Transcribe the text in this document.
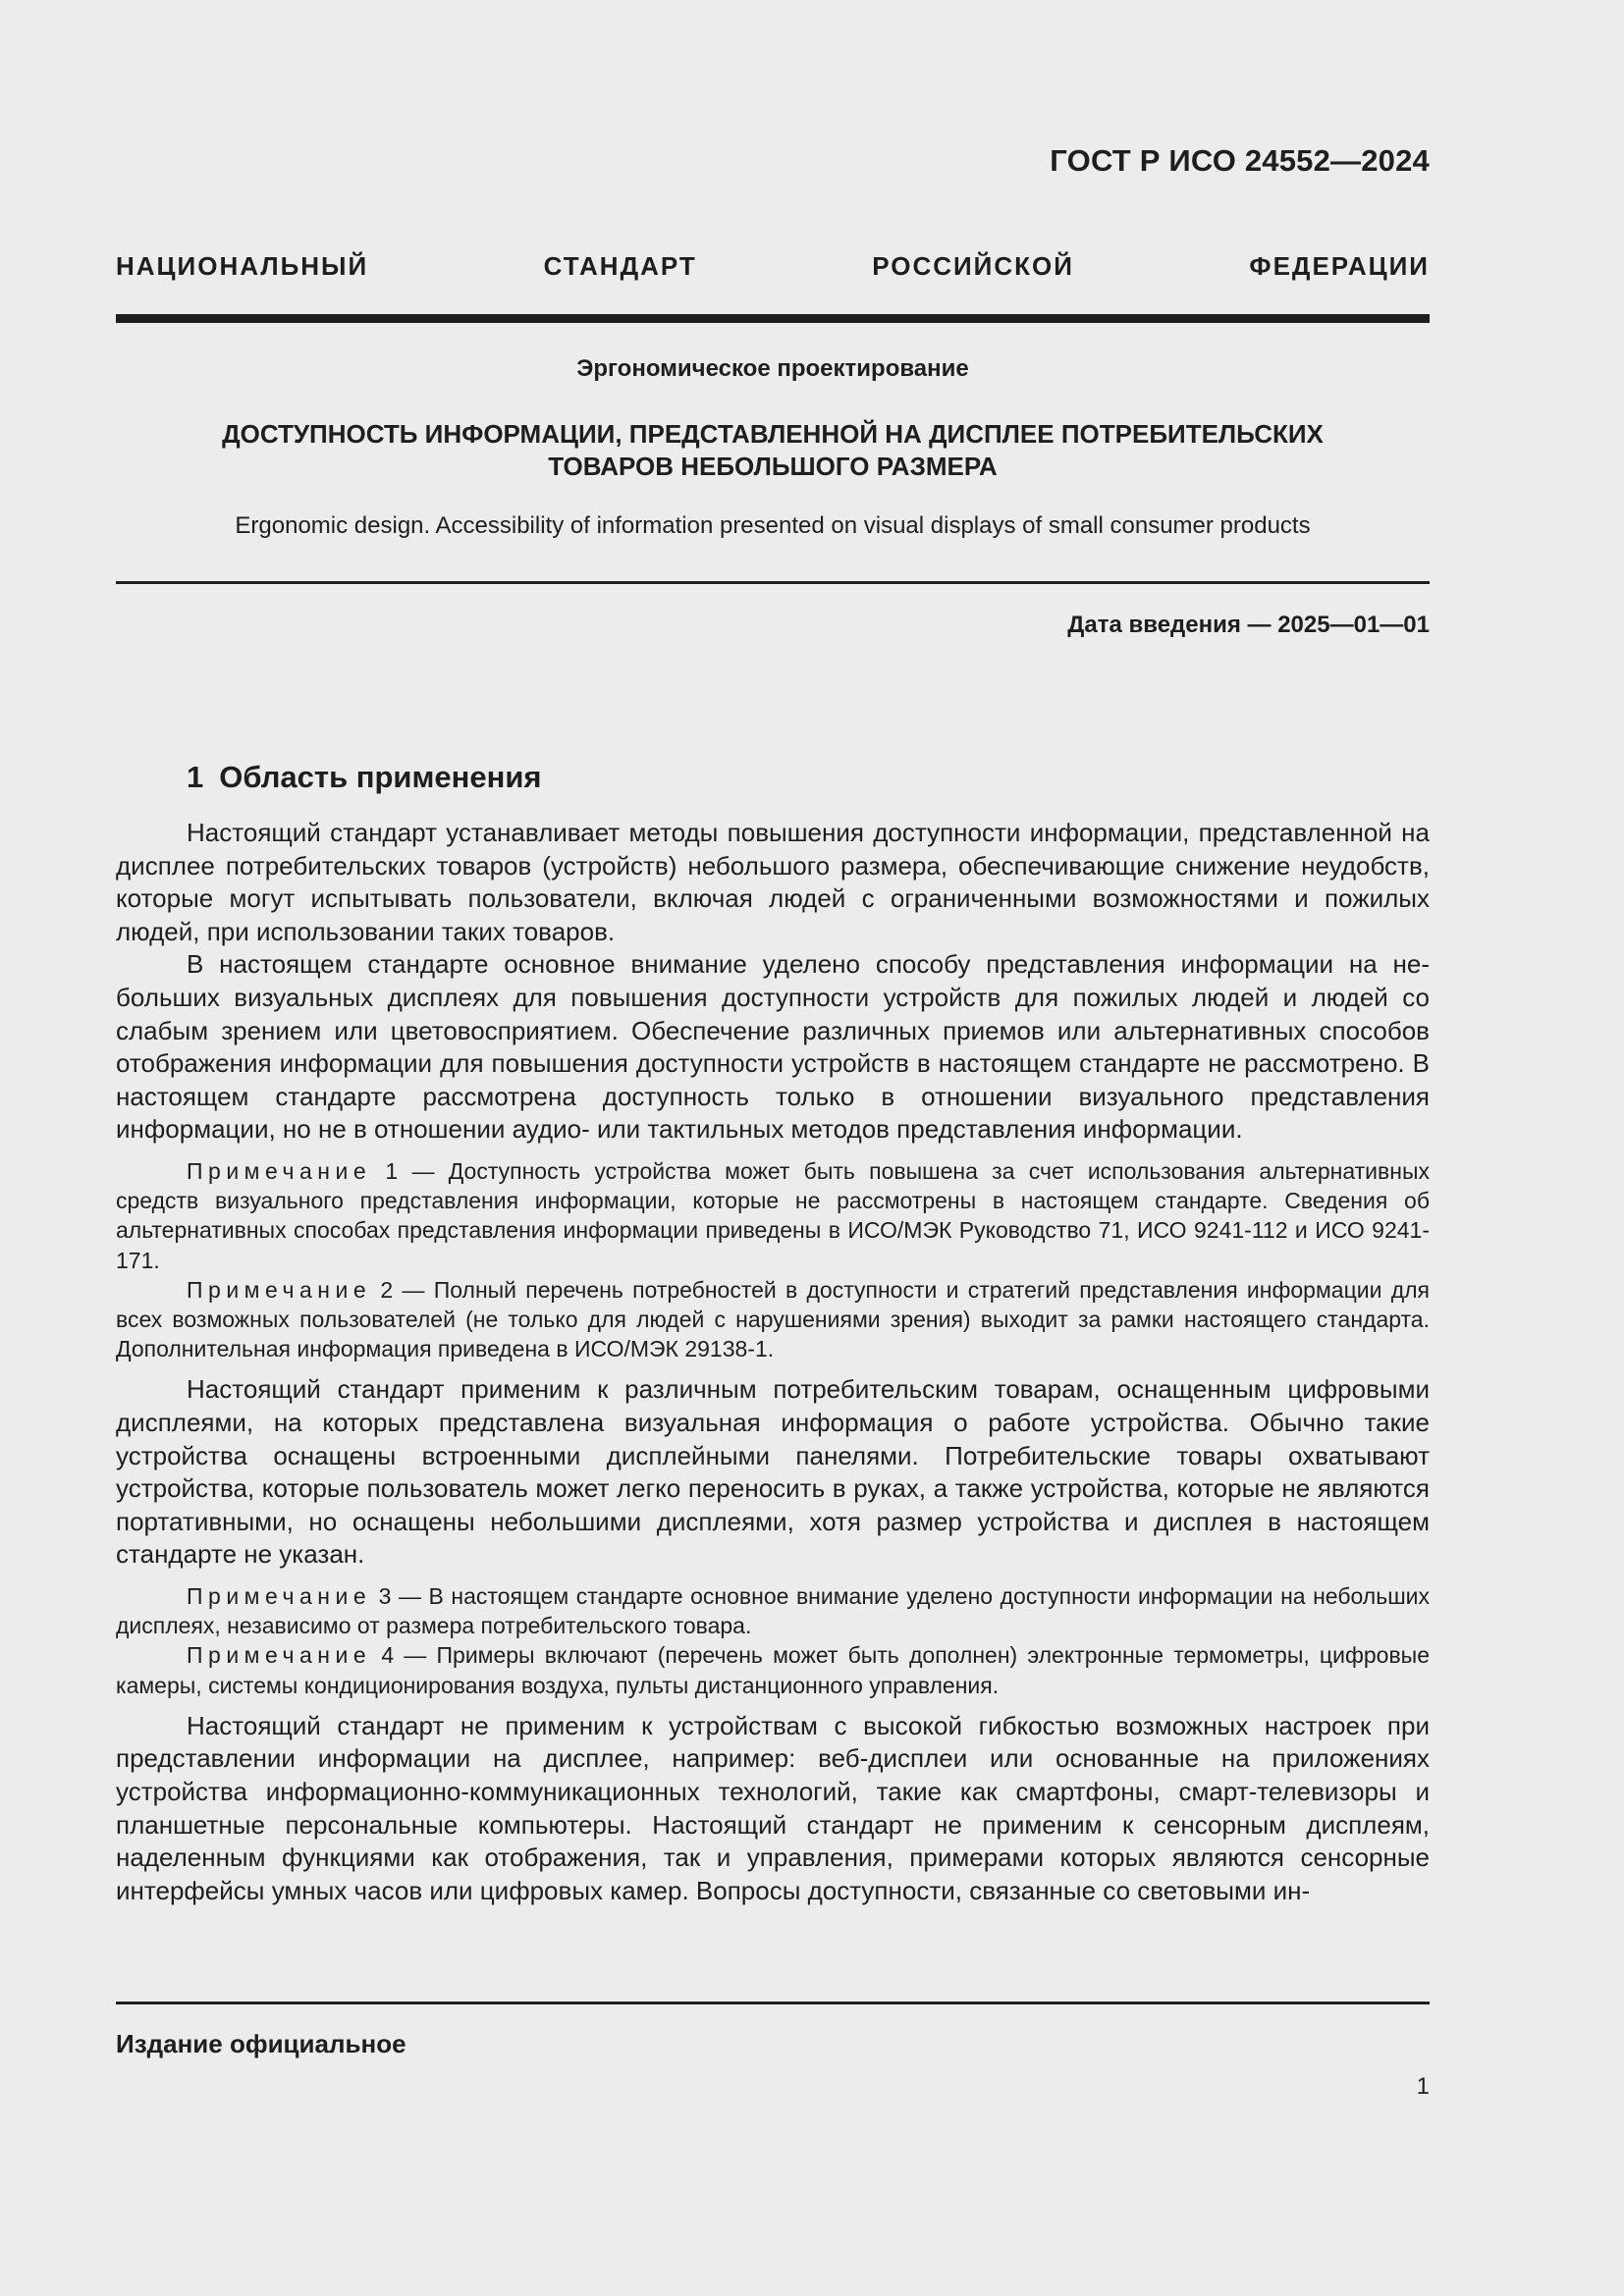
ГОСТ Р ИСО 24552—2024
НАЦИОНАЛЬНЫЙ СТАНДАРТ РОССИЙСКОЙ ФЕДЕРАЦИИ
Эргономическое проектирование
ДОСТУПНОСТЬ ИНФОРМАЦИИ, ПРЕДСТАВЛЕННОЙ НА ДИСПЛЕЕ ПОТРЕБИТЕЛЬСКИХ
ТОВАРОВ НЕБОЛЬШОГО РАЗМЕРА
Ergonomic design. Accessibility of information presented on visual displays of small consumer products
Дата введения — 2025—01—01
1 Область применения

Настоящий стандарт устанавливает методы повышения доступности информации, представленной на дисплее потребительских товаров (устройств) небольшого размера, обеспечивающие снижение неудобств, которые могут испытывать пользователи, включая людей с ограниченными возможностями и пожилых людей, при использовании таких товаров.

В настоящем стандарте основное внимание уделено способу представления информации на небольших визуальных дисплеях для повышения доступности устройств для пожилых людей и людей со слабым зрением или цветовосприятием. Обеспечение различных приемов или альтернативных способов отображения информации для повышения доступности устройств в настоящем стандарте не рассмотрено. В настоящем стандарте рассмотрена доступность только в отношении визуального представления информации, но не в отношении аудио- или тактильных методов представления информации.

Примечание 1 — Доступность устройства может быть повышена за счет использования альтернативных средств визуального представления информации, которые не рассмотрены в настоящем стандарте. Сведения об альтернативных способах представления информации приведены в ИСО/МЭК Руководство 71, ИСО 9241-112 и ИСО 9241-171.

Примечание 2 — Полный перечень потребностей в доступности и стратегий представления информации для всех возможных пользователей (не только для людей с нарушениями зрения) выходит за рамки настоящего стандарта. Дополнительная информация приведена в ИСО/МЭК 29138-1.

Настоящий стандарт применим к различным потребительским товарам, оснащенным цифровыми дисплеями, на которых представлена визуальная информация о работе устройства. Обычно такие устройства оснащены встроенными дисплейными панелями. Потребительские товары охватывают устройства, которые пользователь может легко переносить в руках, а также устройства, которые не являются портативными, но оснащены небольшими дисплеями, хотя размер устройства и дисплея в настоящем стандарте не указан.

Примечание 3 — В настоящем стандарте основное внимание уделено доступности информации на небольших дисплеях, независимо от размера потребительского товара.

Примечание 4 — Примеры включают (перечень может быть дополнен) электронные термометры, цифровые камеры, системы кондиционирования воздуха, пульты дистанционного управления.

Настоящий стандарт не применим к устройствам с высокой гибкостью возможных настроек при представлении информации на дисплее, например: веб-дисплеи или основанные на приложениях устройства информационно-коммуникационных технологий, такие как смартфоны, смарт-телевизоры и планшетные персональные компьютеры. Настоящий стандарт не применим к сенсорным дисплеям, наделенным функциями как отображения, так и управления, примерами которых являются сенсорные интерфейсы умных часов или цифровых камер. Вопросы доступности, связанные со световыми ин-

Издание официальное
1
